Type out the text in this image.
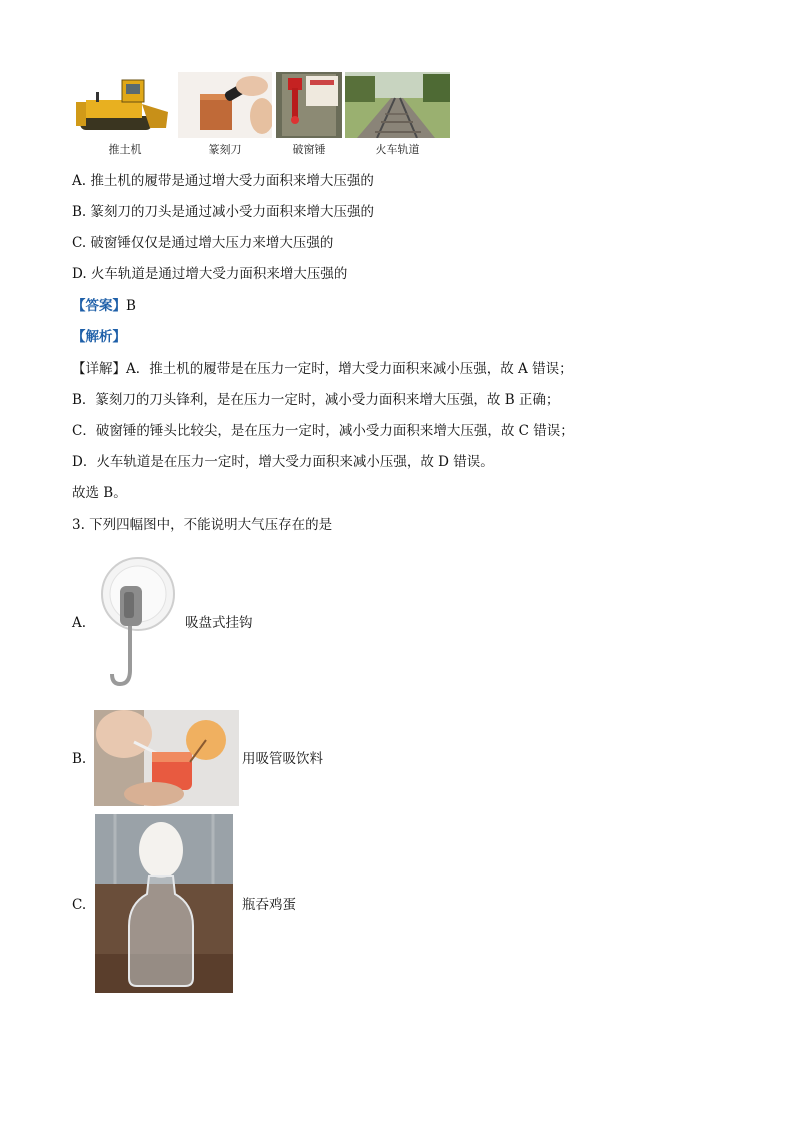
推土机	篆刻刀	破窗锤	火车轨道
A. 推土机的履带是通过增大受力面积来增大压强的
B. 篆刻刀的刀头是通过减小受力面积来增大压强的
C. 破窗锤仅仅是通过增大压力来增大压强的
D. 火车轨道是通过增大受力面积来增大压强的
【答案】B
【解析】
【详解】A．推土机的履带是在压力一定时，增大受力面积来减小压强，故 A 错误；
B．篆刻刀的刀头锋利，是在压力一定时，减小受力面积来增大压强，故 B 正确；
C．破窗锤的锤头比较尖，是在压力一定时，减小受力面积来增大压强，故 C 错误；
D．火车轨道是在压力一定时，增大受力面积来减小压强，故 D 错误。
故选 B。
3. 下列四幅图中，不能说明大气压存在的是
A.	吸盘式挂钩
B.	用吸管吸饮料
C.	瓶吞鸡蛋
